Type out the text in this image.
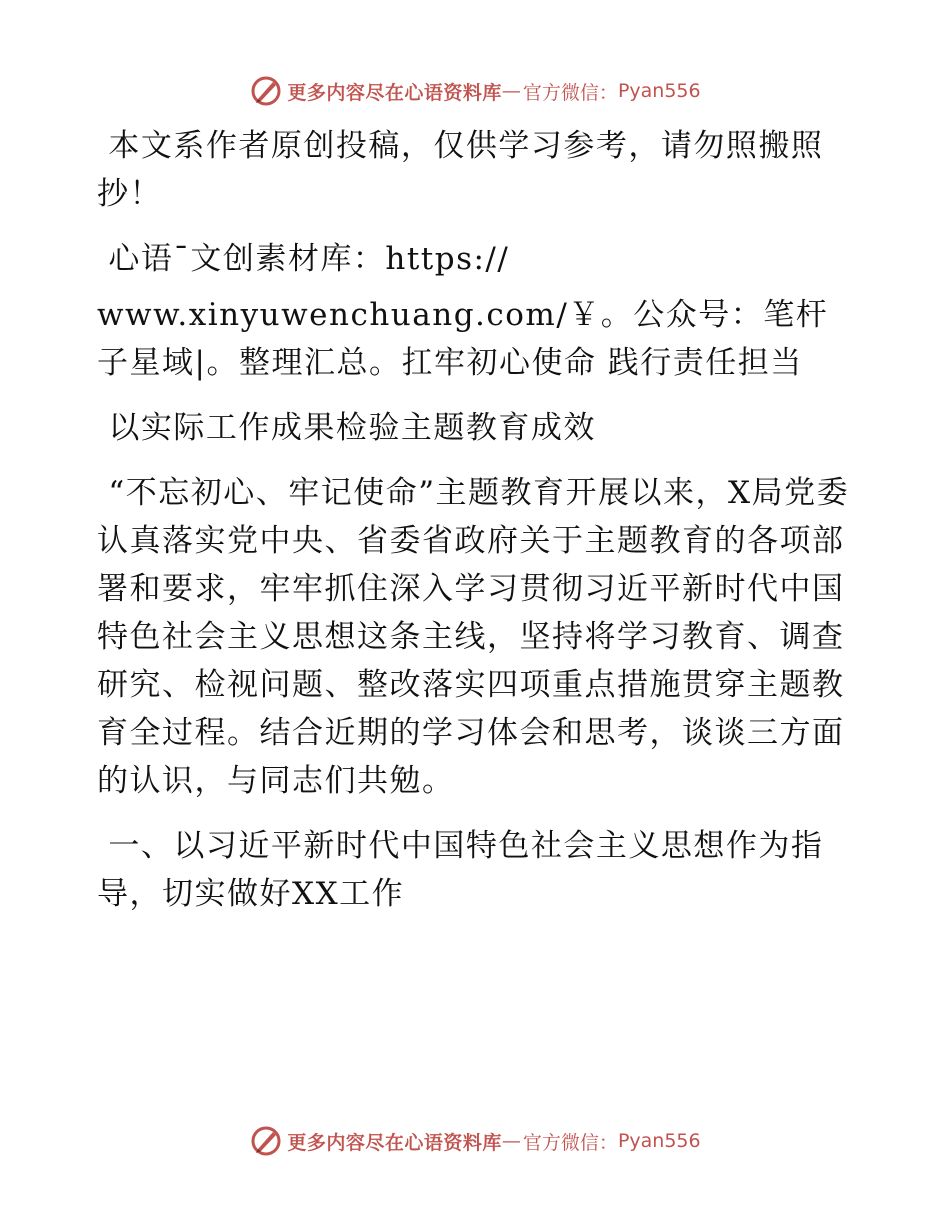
更多内容尽在心语资料库 — 官方微信： Pyan556

本文系作者原创投稿，仅供学习参考，请勿照搬照抄！

心语¯文创素材库：https://

www.xinyuwenchuang.com/￥。公众号：笔杆子星域|。整理汇总。扛牢初心使命 践行责任担当

以实际工作成果检验主题教育成效

“不忘初心、牢记使命”主题教育开展以来，X局党委认真落实党中央、省委省政府关于主题教育的各项部署和要求，牢牢抓住深入学习贯彻习近平新时代中国特色社会主义思想这条主线，坚持将学习教育、调查研究、检视问题、整改落实四项重点措施贯穿主题教育全过程。结合近期的学习体会和思考，谈谈三方面的认识，与同志们共勉。

一、以习近平新时代中国特色社会主义思想作为指导，切实做好XX工作

更多内容尽在心语资料库 — 官方微信： Pyan556
